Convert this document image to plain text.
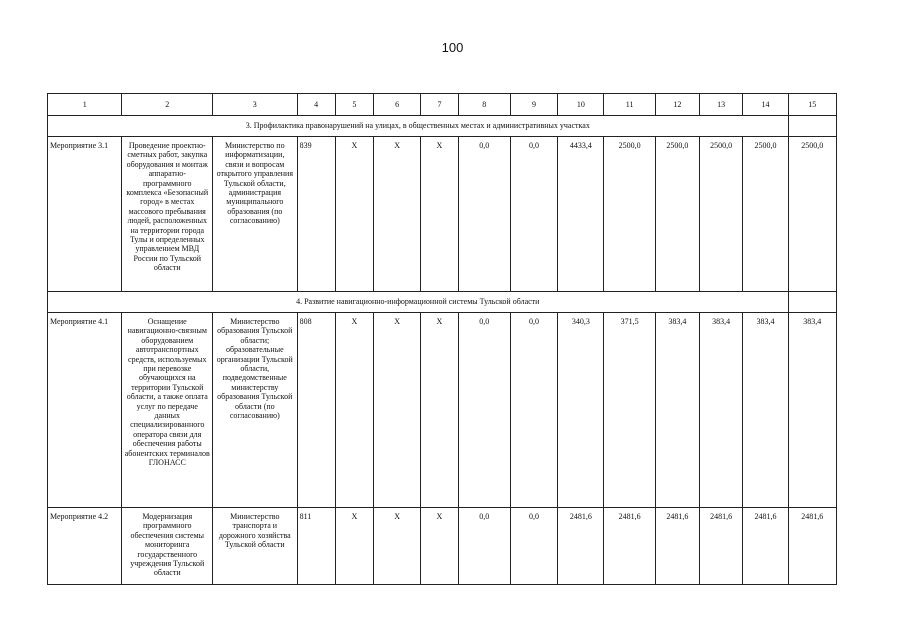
100
1	2	3	4	5	6	7	8	9	10	11	12	13	14	15
3. Профилактика правонарушений на улицах, в общественных местах и административных участках														
Мероприятие 3.1	Проведение проектно-сметных работ, закупка оборудования и монтаж аппаратно-программного комплекса «Безопасный город» в местах массового пребывания людей, расположенных на территории города Тулы и определенных управлением МВД России по Тульской области	Министерство по информатизации, связи и вопросам открытого управления Тульской области, администрация муниципального образования (по согласованию)	839	Х	Х	Х	0,0	0,0	4433,4	2500,0	2500,0	2500,0	2500,0	2500,0
4. Развитие навигационно-информационной системы Тульской области														
Мероприятие 4.1	Оснащение навигационно-связным оборудованием автотранспортных средств, используемых при перевозке обучающихся на территории Тульской области, а также оплата услуг по передаче данных специализированного оператора связи для обеспечения работы абонентских терминалов ГЛОНАСС	Министерство образования Тульской области; образовательные организации Тульской области, подведомственные министерству образования Тульской области (по согласованию)	808	Х	Х	Х	0,0	0,0	340,3	371,5	383,4	383,4	383,4	383,4
Мероприятие 4.2	Модернизация программного обеспечения системы мониторинга государственного учреждения Тульской области	Министерство транспорта и дорожного хозяйства Тульской области	811	Х	Х	Х	0,0	0,0	2481,6	2481,6	2481,6	2481,6	2481,6	2481,6
